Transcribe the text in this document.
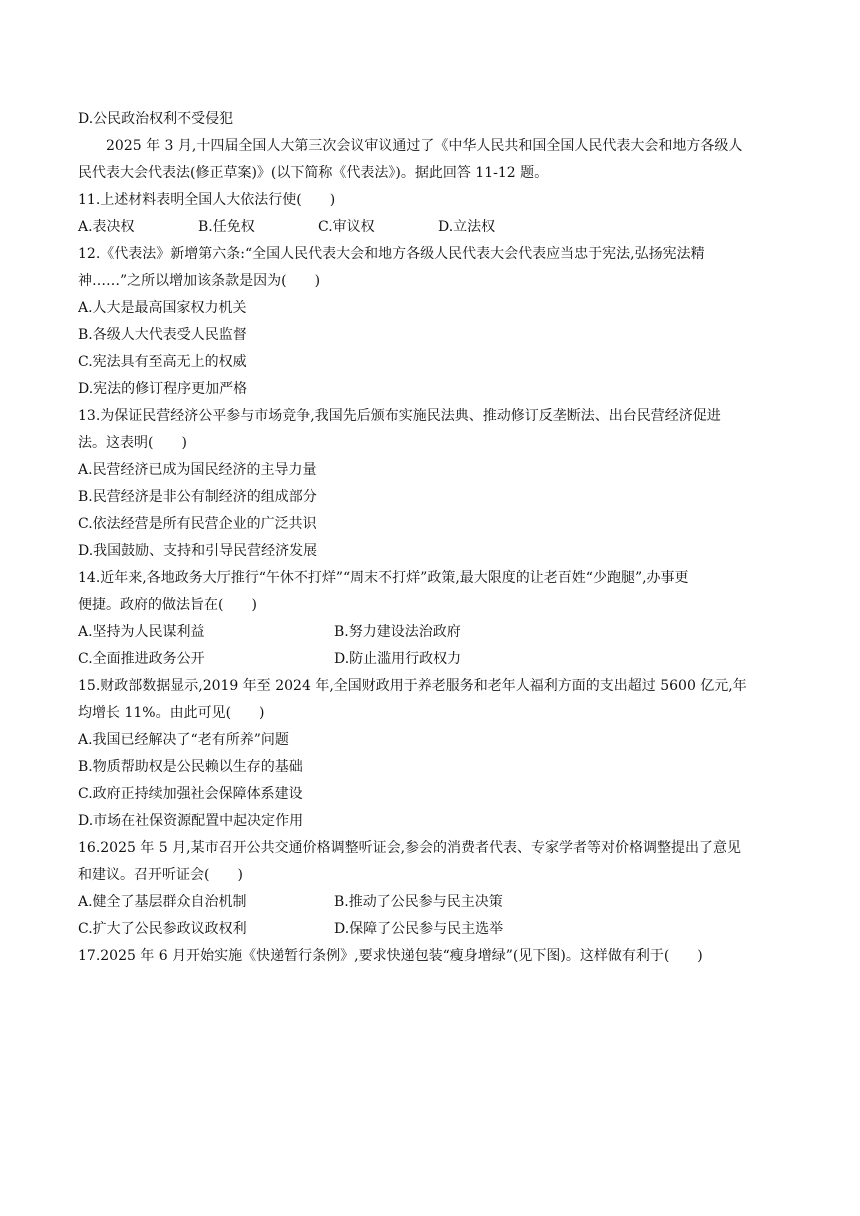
D.公民政治权利不受侵犯
2025 年 3 月,十四届全国人大第三次会议审议通过了《中华人民共和国全国人民代表大会和地方各级人
民代表大会代表法(修正草案)》(以下简称《代表法》)。据此回答 11-12 题。
11.上述材料表明全国人大依法行使(　　)
A.表决权	B.任免权	C.审议权	D.立法权
12.《代表法》新增第六条:“全国人民代表大会和地方各级人民代表大会代表应当忠于宪法,弘扬宪法精
神……”之所以增加该条款是因为(　　)
A.人大是最高国家权力机关
B.各级人大代表受人民监督
C.宪法具有至高无上的权威
D.宪法的修订程序更加严格
13.为保证民营经济公平参与市场竞争,我国先后颁布实施民法典、推动修订反垄断法、出台民营经济促进
法。这表明(　　)
A.民营经济已成为国民经济的主导力量
B.民营经济是非公有制经济的组成部分
C.依法经营是所有民营企业的广泛共识
D.我国鼓励、支持和引导民营经济发展
14.近年来,各地政务大厅推行“午休不打烊”“周末不打烊”政策,最大限度的让老百姓“少跑腿”,办事更
便捷。政府的做法旨在(　　)
A.坚持为人民谋利益	B.努力建设法治政府
C.全面推进政务公开	D.防止滥用行政权力
15.财政部数据显示,2019 年至 2024 年,全国财政用于养老服务和老年人福利方面的支出超过 5600 亿元,年
均增长 11%。由此可见(　　)
A.我国已经解决了“老有所养”问题
B.物质帮助权是公民赖以生存的基础
C.政府正持续加强社会保障体系建设
D.市场在社保资源配置中起决定作用
16.2025 年 5 月,某市召开公共交通价格调整听证会,参会的消费者代表、专家学者等对价格调整提出了意见
和建议。召开听证会(　　)
A.健全了基层群众自治机制	B.推动了公民参与民主决策
C.扩大了公民参政议政权利	D.保障了公民参与民主选举
17.2025 年 6 月开始实施《快递暂行条例》,要求快递包装“瘦身增绿”(见下图)。这样做有利于(　　)
